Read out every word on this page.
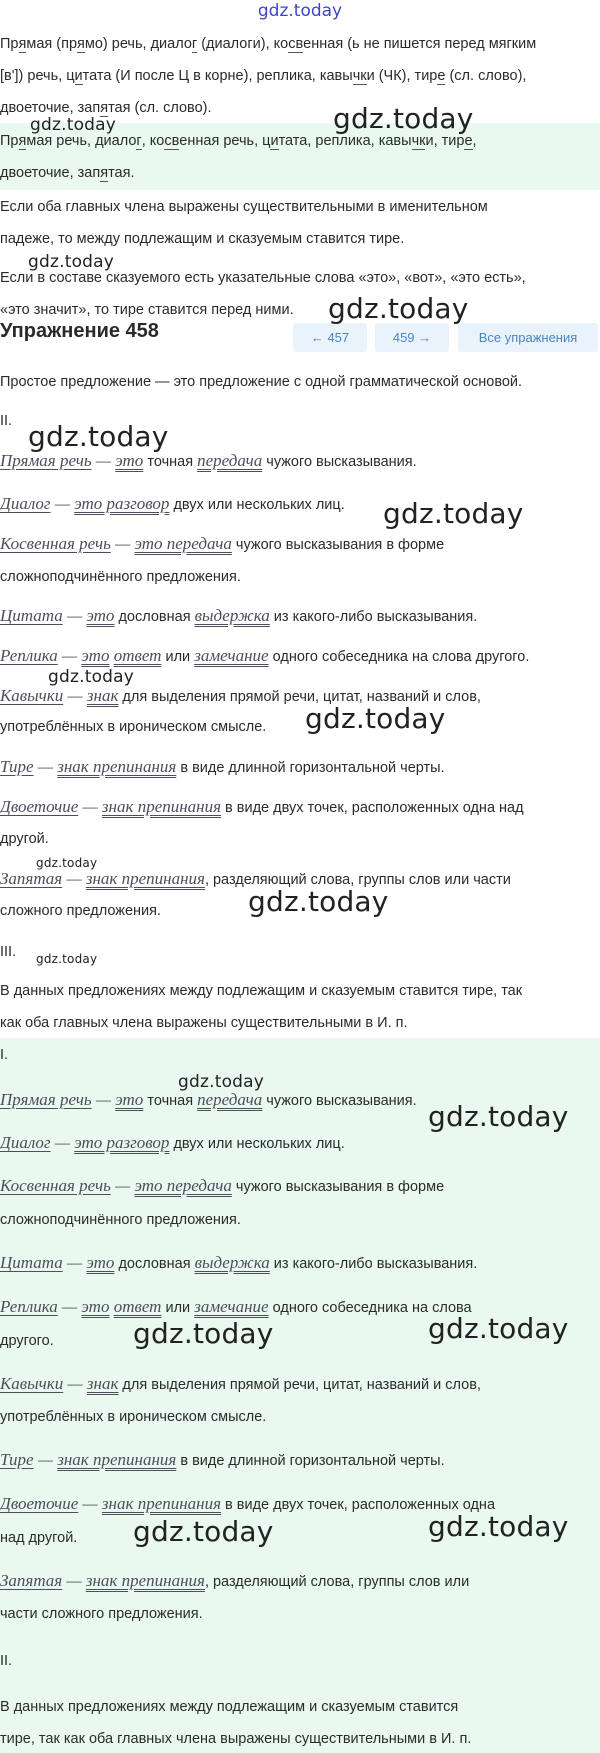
gdz.today
Прямая (прямо) речь, диалог (диалоги), косвенная (ь не пишется перед мягким
[в']) речь, цитата (И после Ц в корне), реплика, кавычки (ЧК), тире (сл. слово),
двоеточие, запятая (сл. слово).
Прямая речь, диалог, косвенная речь, цитата, реплика, кавычки, тире,
двоеточие, запятая.
Если оба главных члена выражены существительными в именительном
падеже, то между подлежащим и сказуемым ставится тире.
Если в составе сказуемого есть указательные слова «это», «вот», «это есть»,
«это значит», то тире ставится перед ними.
Упражнение 458	← 457	459 →	Все упражнения
Простое предложение — это предложение с одной грамматической основой.
II.
Прямая речь — это точная передача чужого высказывания.
Диалог — это разговор двух или нескольких лиц.
Косвенная речь — это передача чужого высказывания в форме
сложноподчинённого предложения.
Цитата — это дословная выдержка из какого-либо высказывания.
Реплика — это ответ или замечание одного собеседника на слова другого.
Кавычки — знак для выделения прямой речи, цитат, названий и слов,
употреблённых в ироническом смысле.
Тире — знак препинания в виде длинной горизонтальной черты.
Двоеточие — знак препинания в виде двух точек, расположенных одна над
другой.
Запятая — знак препинания, разделяющий слова, группы слов или части
сложного предложения.
III.
В данных предложениях между подлежащим и сказуемым ставится тире, так
как оба главных члена выражены существительными в И. п.
I.
Прямая речь — это точная передача чужого высказывания.
Диалог — это разговор двух или нескольких лиц.
Косвенная речь — это передача чужого высказывания в форме
сложноподчинённого предложения.
Цитата — это дословная выдержка из какого-либо высказывания.
Реплика — это ответ или замечание одного собеседника на слова
другого.
Кавычки — знак для выделения прямой речи, цитат, названий и слов,
употреблённых в ироническом смысле.
Тире — знак препинания в виде длинной горизонтальной черты.
Двоеточие — знак препинания в виде двух точек, расположенных одна
над другой.
Запятая — знак препинания, разделяющий слова, группы слов или
части сложного предложения.
II.
В данных предложениях между подлежащим и сказуемым ставится
тире, так как оба главных члена выражены существительными в И. п.
gdz.today	gdz.today
gdz.today
gdz.today
gdz.today
gdz.today
gdz.today
gdz.today
gdz.today
gdz.today
gdz.today
gdz.today
gdz.today
gdz.today	gdz.today
gdz.today	gdz.today
